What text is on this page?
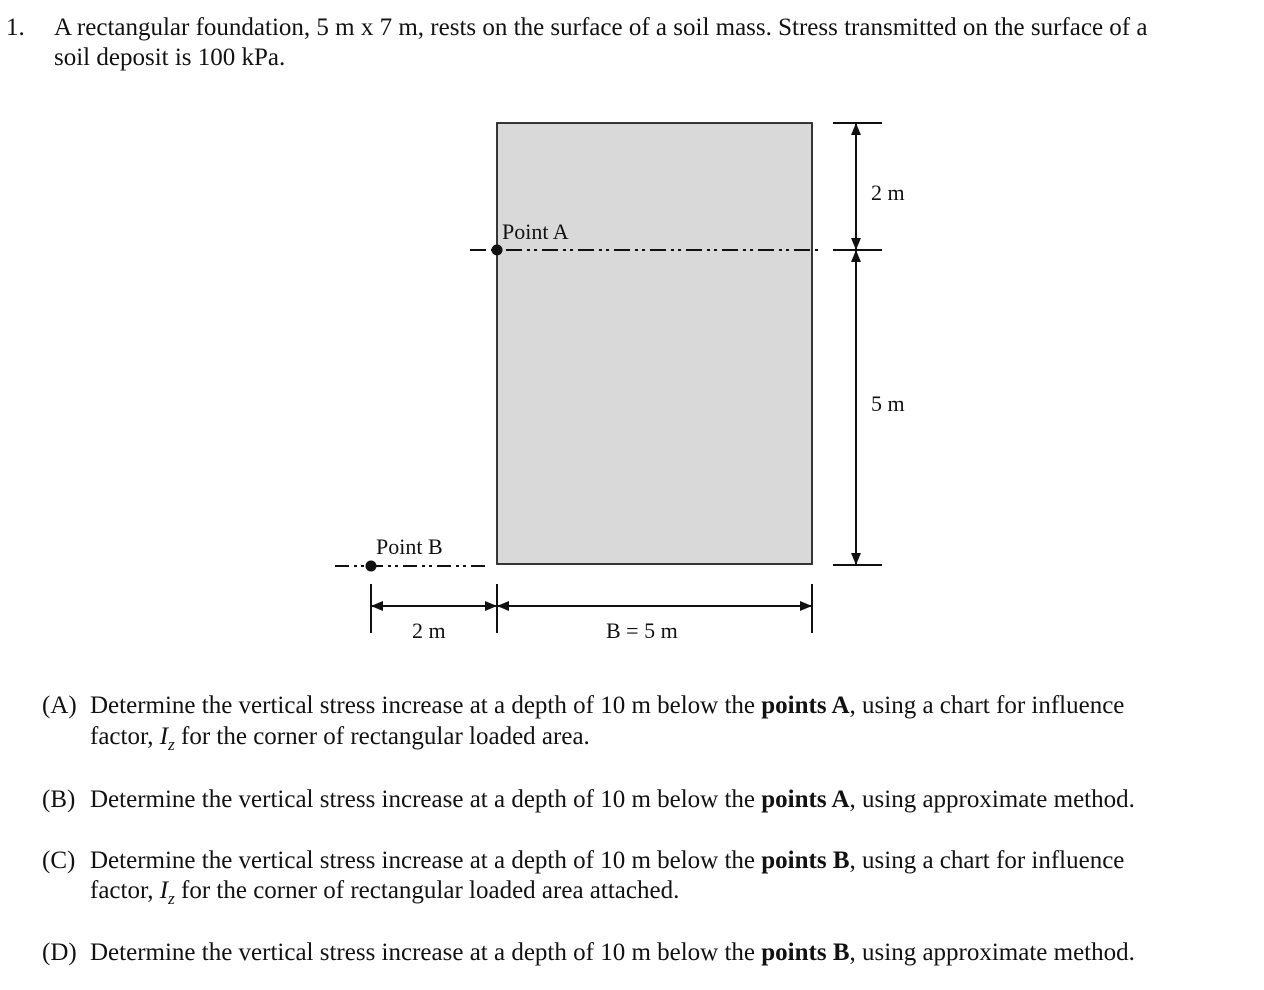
1. A rectangular foundation, 5 m x 7 m, rests on the surface of a soil mass. Stress transmitted on the surface of a
soil deposit is 100 kPa.
Point A
Point B
2 m
5 m
2 m	B = 5 m
(A) Determine the vertical stress increase at a depth of 10 m below the points A, using a chart for influence
factor, $I_z$ for the corner of rectangular loaded area.
(B) Determine the vertical stress increase at a depth of 10 m below the points A, using approximate method.
(C) Determine the vertical stress increase at a depth of 10 m below the points B, using a chart for influence
factor, $I_z$ for the corner of rectangular loaded area attached.
(D) Determine the vertical stress increase at a depth of 10 m below the points B, using approximate method.
